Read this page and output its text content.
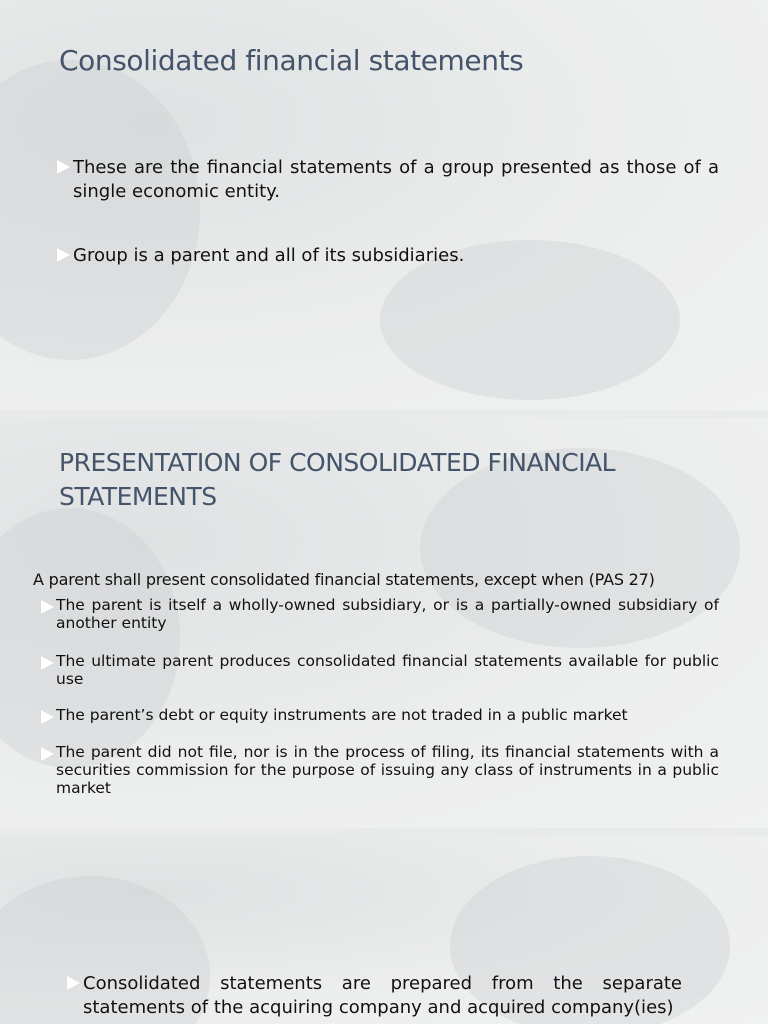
Consolidated financial statements
These are the financial statements of a group presented as those of a single economic entity.
Group is a parent and all of its subsidiaries.
PRESENTATION OF CONSOLIDATED FINANCIAL STATEMENTS
A parent shall present consolidated financial statements, except when (PAS 27)
The parent is itself a wholly-owned subsidiary, or is a partially-owned subsidiary of another entity
The ultimate parent produces consolidated financial statements available for public use
The parent’s debt or equity instruments are not traded in a public market
The parent did not file, nor is in the process of filing, its financial statements with a securities commission for the purpose of issuing any class of instruments in a public market
Consolidated statements are prepared from the separate statements of the acquiring company and acquired company(ies)
